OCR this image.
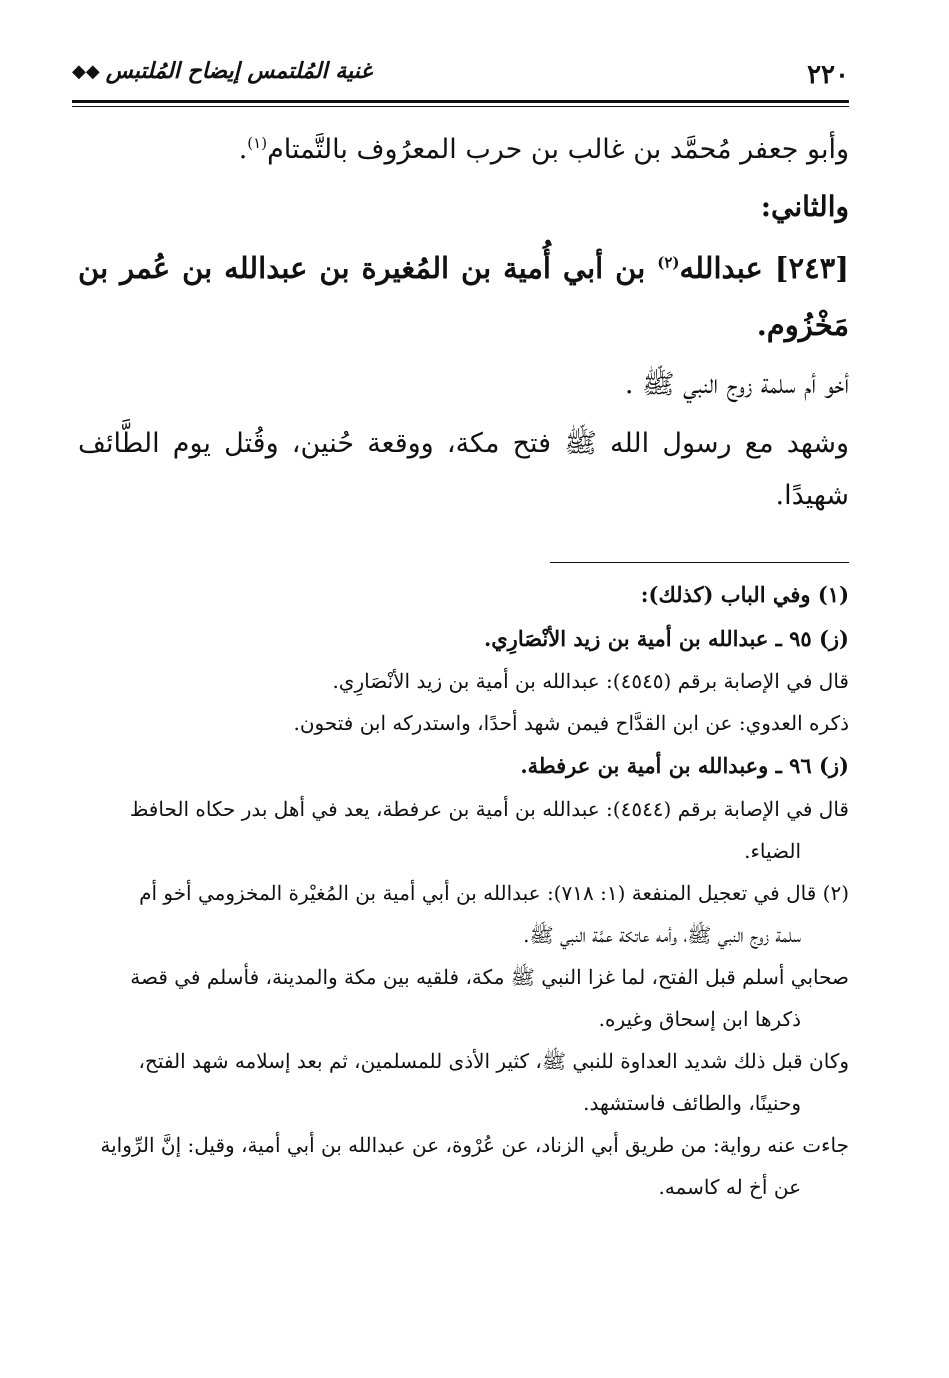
٢٢٠
غنية المُلتمس إيضاح المُلتبس
◆◆

وأبو جعفر مُحمَّد بن غالب بن حرب المعرُوف بالتَّمتام$^{(١)}$.

والثاني:

[٢٤٣] عبدالله$^{(٢)}$ بن أبي أُمية بن المُغيرة بن عبدالله بن عُمر بن مَخْزُوم.

أخو أم سلمة زوج النبي ﷺ .

وشهد مع رسول الله ﷺ فتح مكة، ووقعة حُنين، وقُتل يوم الطَّائف شهيدًا.

(١) وفي الباب (كذلك):

(ز) ٩٥ ـ عبدالله بن أمية بن زيد الأنْصَارِي.

قال في الإصابة برقم (٤٥٤٥): عبدالله بن أمية بن زيد الأنْصَارِي.

ذكره العدوي: عن ابن القدَّاح فيمن شهد أحدًا، واستدركه ابن فتحون.

(ز) ٩٦ ـ وعبدالله بن أمية بن عرفطة.

قال في الإصابة برقم (٤٥٤٤): عبدالله بن أمية بن عرفطة، يعد في أهل بدر حكاه الحافظ

الضياء.

(٢) قال في تعجيل المنفعة (١: ٧١٨): عبدالله بن أبي أمية بن المُغيْرة المخزومي أخو أم

سلمة زوج النبي ﷺ، وأمه عاتكة عمَّة النبي ﷺ.

صحابي أسلم قبل الفتح، لما غزا النبي ﷺ مكة، فلقيه بين مكة والمدينة، فأسلم في قصة

ذكرها ابن إسحاق وغيره.

وكان قبل ذلك شديد العداوة للنبي ﷺ، كثير الأذى للمسلمين، ثم بعد إسلامه شهد الفتح،

وحنينًا، والطائف فاستشهد.

جاءت عنه رواية: من طريق أبي الزناد، عن عُرْوة، عن عبدالله بن أبي أمية، وقيل: إنَّ الرِّواية

عن أخ له كاسمه.
